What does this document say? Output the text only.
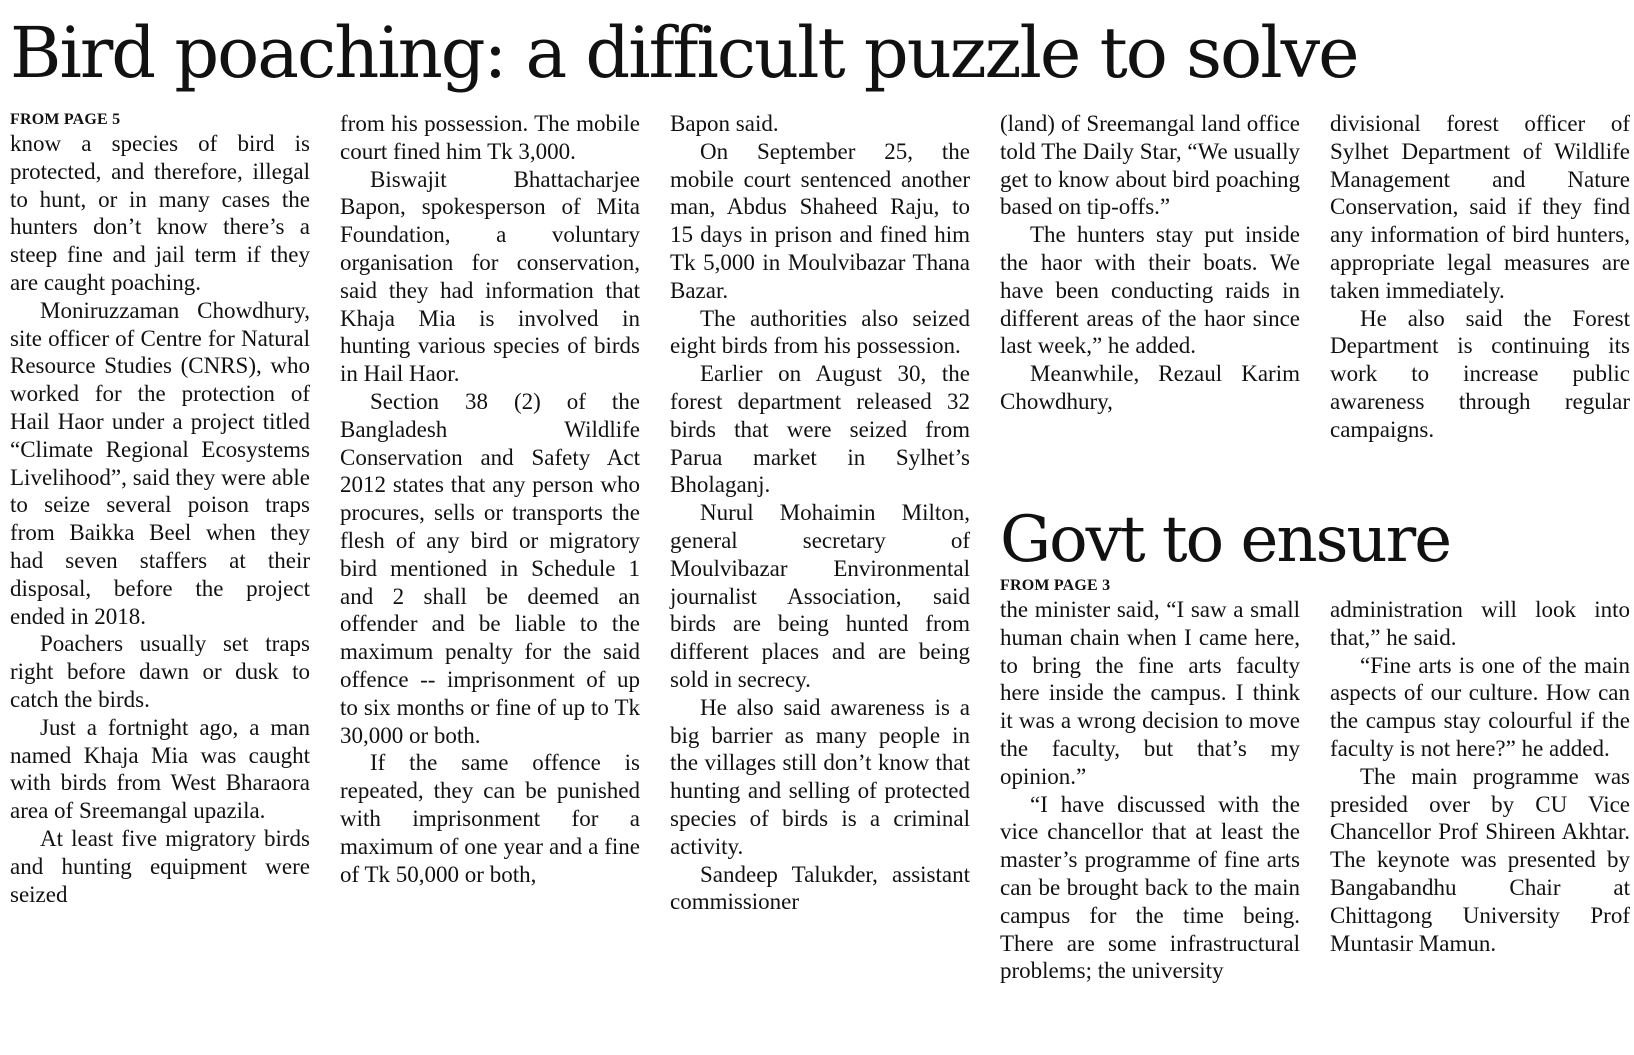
Bird poaching: a difficult puzzle to solve

FROM PAGE 5

know a species of bird is protected, and therefore, illegal to hunt, or in many cases the hunters don’t know there’s a steep fine and jail term if they are caught poaching.

Moniruzzaman Chowdhury, site officer of Centre for Natural Resource Studies (CNRS), who worked for the protection of Hail Haor under a project titled “Climate Regional Ecosystems Livelihood”, said they were able to seize several poison traps from Baikka Beel when they had seven staffers at their disposal, before the project ended in 2018.

Poachers usually set traps right before dawn or dusk to catch the birds.

Just a fortnight ago, a man named Khaja Mia was caught with birds from West Bharaora area of Sreemangal upazila.

At least five migratory birds and hunting equipment were seized

from his possession. The mobile court fined him Tk 3,000.

Biswajit Bhattacharjee Bapon, spokesperson of Mita Foundation, a voluntary organisation for conservation, said they had information that Khaja Mia is involved in hunting various species of birds in Hail Haor.

Section 38 (2) of the Bangladesh Wildlife Conservation and Safety Act 2012 states that any person who procures, sells or transports the flesh of any bird or migratory bird mentioned in Schedule 1 and 2 shall be deemed an offender and be liable to the maximum penalty for the said offence -- imprisonment of up to six months or fine of up to Tk 30,000 or both.

If the same offence is repeated, they can be punished with imprisonment for a maximum of one year and a fine of Tk 50,000 or both,

Bapon said.

On September 25, the mobile court sentenced another man, Abdus Shaheed Raju, to 15 days in prison and fined him Tk 5,000 in Moulvibazar Thana Bazar.

The authorities also seized eight birds from his possession.

Earlier on August 30, the forest department released 32 birds that were seized from Parua market in Sylhet’s Bholaganj.

Nurul Mohaimin Milton, general secretary of Moulvibazar Environmental journalist Association, said birds are being hunted from different places and are being sold in secrecy.

He also said awareness is a big barrier as many people in the villages still don’t know that hunting and selling of protected species of birds is a criminal activity.

Sandeep Talukder, assistant commissioner

(land) of Sreemangal land office told The Daily Star, “We usually get to know about bird poaching based on tip-offs.”

The hunters stay put inside the haor with their boats. We have been conducting raids in different areas of the haor since last week,” he added.

Meanwhile, Rezaul Karim Chowdhury,

divisional forest officer of Sylhet Department of Wildlife Management and Nature Conservation, said if they find any information of bird hunters, appropriate legal measures are taken immediately.

He also said the Forest Department is continuing its work to increase public awareness through regular campaigns.

Govt to ensure

FROM PAGE 3

the minister said, “I saw a small human chain when I came here, to bring the fine arts faculty here inside the campus. I think it was a wrong decision to move the faculty, but that’s my opinion.”

“I have discussed with the vice chancellor that at least the master’s programme of fine arts can be brought back to the main campus for the time being. There are some infrastructural problems; the university

administration will look into that,” he said.

“Fine arts is one of the main aspects of our culture. How can the campus stay colourful if the faculty is not here?” he added.

The main programme was presided over by CU Vice Chancellor Prof Shireen Akhtar. The keynote was presented by Bangabandhu Chair at Chittagong University Prof Muntasir Mamun.
